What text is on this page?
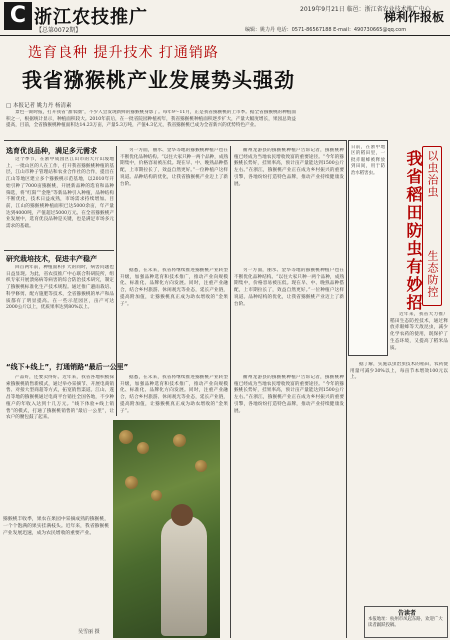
C 浙江农技推广
【总第0072期】
2019年9月21日 临邑：浙江省农业技术推广中心
梯利作报板
编辑：姚力丹 电话：0571-86567188 E-mail：490730665@qq.com
选育良种 提升技术 打通销路
我省猕猴桃产业发展势头强劲
□ 本报记者 姚力丹 杨清素
景色一期时报，打开我省“甜农圈”，不少人会发现新鲜的猕猴桃身影了。每年9～11月，正是我省猕猴桃的上市季。据全省猕猴桃的种植面积之一，根据统计显示，种植面积较大。2010年前后，在一批省院园种植初年，我省猕猴桃种植面积逐步扩大，产量大幅度增长，果园总效益提高，目前，全省猕猴桃种植面积达14.23万亩，产量5.3万吨，产值4.3亿元，我省猕猴桃已成为全省新兴的优势特色产业。
选育优良品种，满足多元需求
这个季节，在浙中成园区江山市的大片山坡地上，一批山区的人在工作，打开我省猕猴桃种植的基层，江山市种子管理站和农业合作社的合作，提出在江山等地区建立多个猕猴桃示范基地，以2010年开始引种了7000亩猕猴桃，开展新品种的选育和品种筛选，将“红阳”“金艳”等新品种引入种植，品种结构不断优化，技术日益成熟，市场需求持续增加。目前，江山的猕猴桃种植面积已达5000余亩，年产量达到4000吨，产值超过5000万元。在全省猕猴桃产业发展中，选育优良品种是关键，也是满足市场多元需求的基础。
另一方面，丽水、金华等地的猕猴桃种植户也在不断优化品种结构。“以往大家只种一两个品种，成熟期集中，价格容易被压低。现在早、中、晚熟品种搭配，上市期拉长了，效益自然更好。”一位种植户这样说道。品种结构的优化，让我省猕猴桃产业迈上了新台阶。
衢州龙游县的猕猴桃种植户告诉记者，猕猴桃种植已经成为当地农民增收致富的重要途径。“今年的猕猴桃长势好，挂果率高，预计亩产量能达到1500公斤左右。”在浙江，猕猴桃产业正在成为乡村振兴的重要引擎，各地纷纷打造特色品牌，推动产业持续健康发展。
研究栽培技术，促进丰产稳产
回首两年前，种植面积扩大的同时，病害问题也日益显现。为此，省农技推广中心联合科研院所，组织专家开展溃疡病等病害的综合防治技术研究，制定了猕猴桃标准化生产技术规程。通过推广避雨栽培、科学修剪、配方施肥等技术，全省猕猴桃的单产和品质都有了明显提高。在一些示范园区，亩产可达2000公斤以上，优质果率达到80%以上。
据悉，在未来，我省将继续推进猕猴桃产业转型升级，加强品种选育和技术推广，推动产业向规模化、标准化、品牌化方向发展。同时，注重产业融合，结合乡村旅游、休闲观光等业态，延长产业链，提高附加值，让猕猴桃真正成为助农增收的“金果子”。
另一方面，丽水、金华等地的猕猴桃种植户也在不断优化品种结构。“以往大家只种一两个品种，成熟期集中，价格容易被压低。现在早、中、晚熟品种搭配，上市期拉长了，效益自然更好。”一位种植户这样说道。品种结构的优化，让我省猕猴桃产业迈上了新台阶。
“线下+线上”，打通销路“最后一公里”
产品好，还要卖得好。近年来，我省各地积极探索猕猴桃销售新模式，通过举办采摘节、开展电商销售、对接大型商超等方式，拓宽销售渠道。江山、遂昌等地的猕猴桃通过电商平台销往全国各地，不少种植户的年收入达到十几万元。“线下体验+线上销售”的模式，打通了猕猴桃销售的“最后一公里”，让农户的腰包鼓了起来。
据悉，在未来，我省将继续推进猕猴桃产业转型升级，加强品种选育和技术推广，推动产业向规模化、标准化、品牌化方向发展。同时，注重产业融合，结合乡村旅游、休闲观光等业态，延长产业链，提高附加值，让猕猴桃真正成为助农增收的“金果子”。
衢州龙游县的猕猴桃种植户告诉记者，猕猴桃种植已经成为当地农民增收致富的重要途径。“今年的猕猴桃长势好，挂果率高，预计亩产量能达到1500公斤左右。”在浙江，猕猴桃产业正在成为乡村振兴的重要引擎，各地纷纷打造特色品牌，推动产业持续健康发展。
猕猴桃丰收季，果农在果园中采摘成熟的猕猴桃，一个个饱满的果实挂满枝头。近年来，我省猕猴桃产业发展迅速，成为农民增收的重要产业。
吴雪丽 摄
日前，在浙中地区的稻田里，一批赤眼蜂被释放到田间，用于防治水稻害虫。	我省稻田防虫有妙招 以虫治虫
生态防控
近年来，我省大力推广稻田生态防控技术，通过释放赤眼蜂等天敌昆虫，减少化学农药的使用，既保护了生态环境，又提高了稻米品质。
据了解，实施以虫治虫技术的稻田，农药使用量可减少30%以上，每亩节本增效100元以上。
告读者
本报地址：杭州市凤起东路，欢迎广大读者踊跃投稿。
